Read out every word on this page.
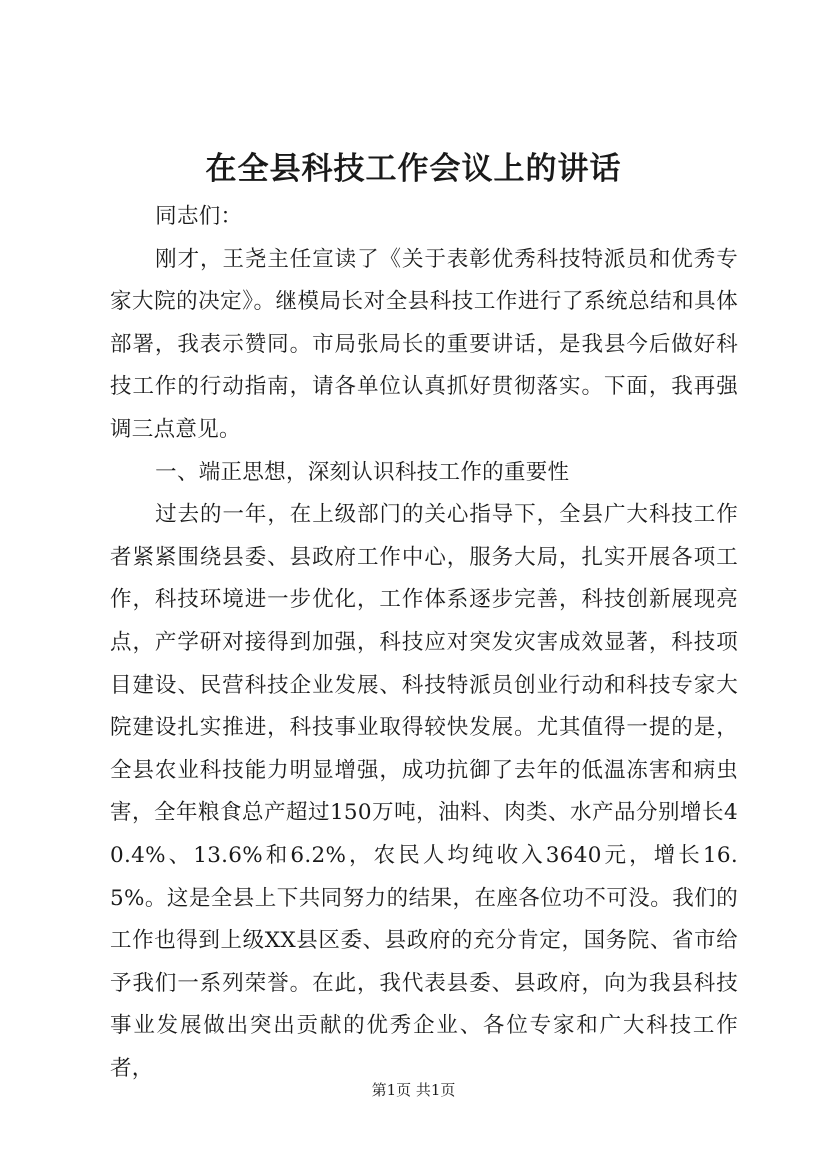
在全县科技工作会议上的讲话

同志们：

刚才，王尧主任宣读了《关于表彰优秀科技特派员和优秀专家大院的决定》。继模局长对全县科技工作进行了系统总结和具体部署，我表示赞同。市局张局长的重要讲话，是我县今后做好科技工作的行动指南，请各单位认真抓好贯彻落实。下面，我再强调三点意见。

一、端正思想，深刻认识科技工作的重要性

过去的一年，在上级部门的关心指导下，全县广大科技工作者紧紧围绕县委、县政府工作中心，服务大局，扎实开展各项工作，科技环境进一步优化，工作体系逐步完善，科技创新展现亮点，产学研对接得到加强，科技应对突发灾害成效显著，科技项目建设、民营科技企业发展、科技特派员创业行动和科技专家大院建设扎实推进，科技事业取得较快发展。尤其值得一提的是，全县农业科技能力明显增强，成功抗御了去年的低温冻害和病虫害，全年粮食总产超过150万吨，油料、肉类、水产品分别增长40.4%、13.6%和6.2%，农民人均纯收入3640元，增长16.5%。这是全县上下共同努力的结果，在座各位功不可没。我们的工作也得到上级XX县区委、县政府的充分肯定，国务院、省市给予我们一系列荣誉。在此，我代表县委、县政府，向为我县科技事业发展做出突出贡献的优秀企业、各位专家和广大科技工作者，

第1页 共1页
